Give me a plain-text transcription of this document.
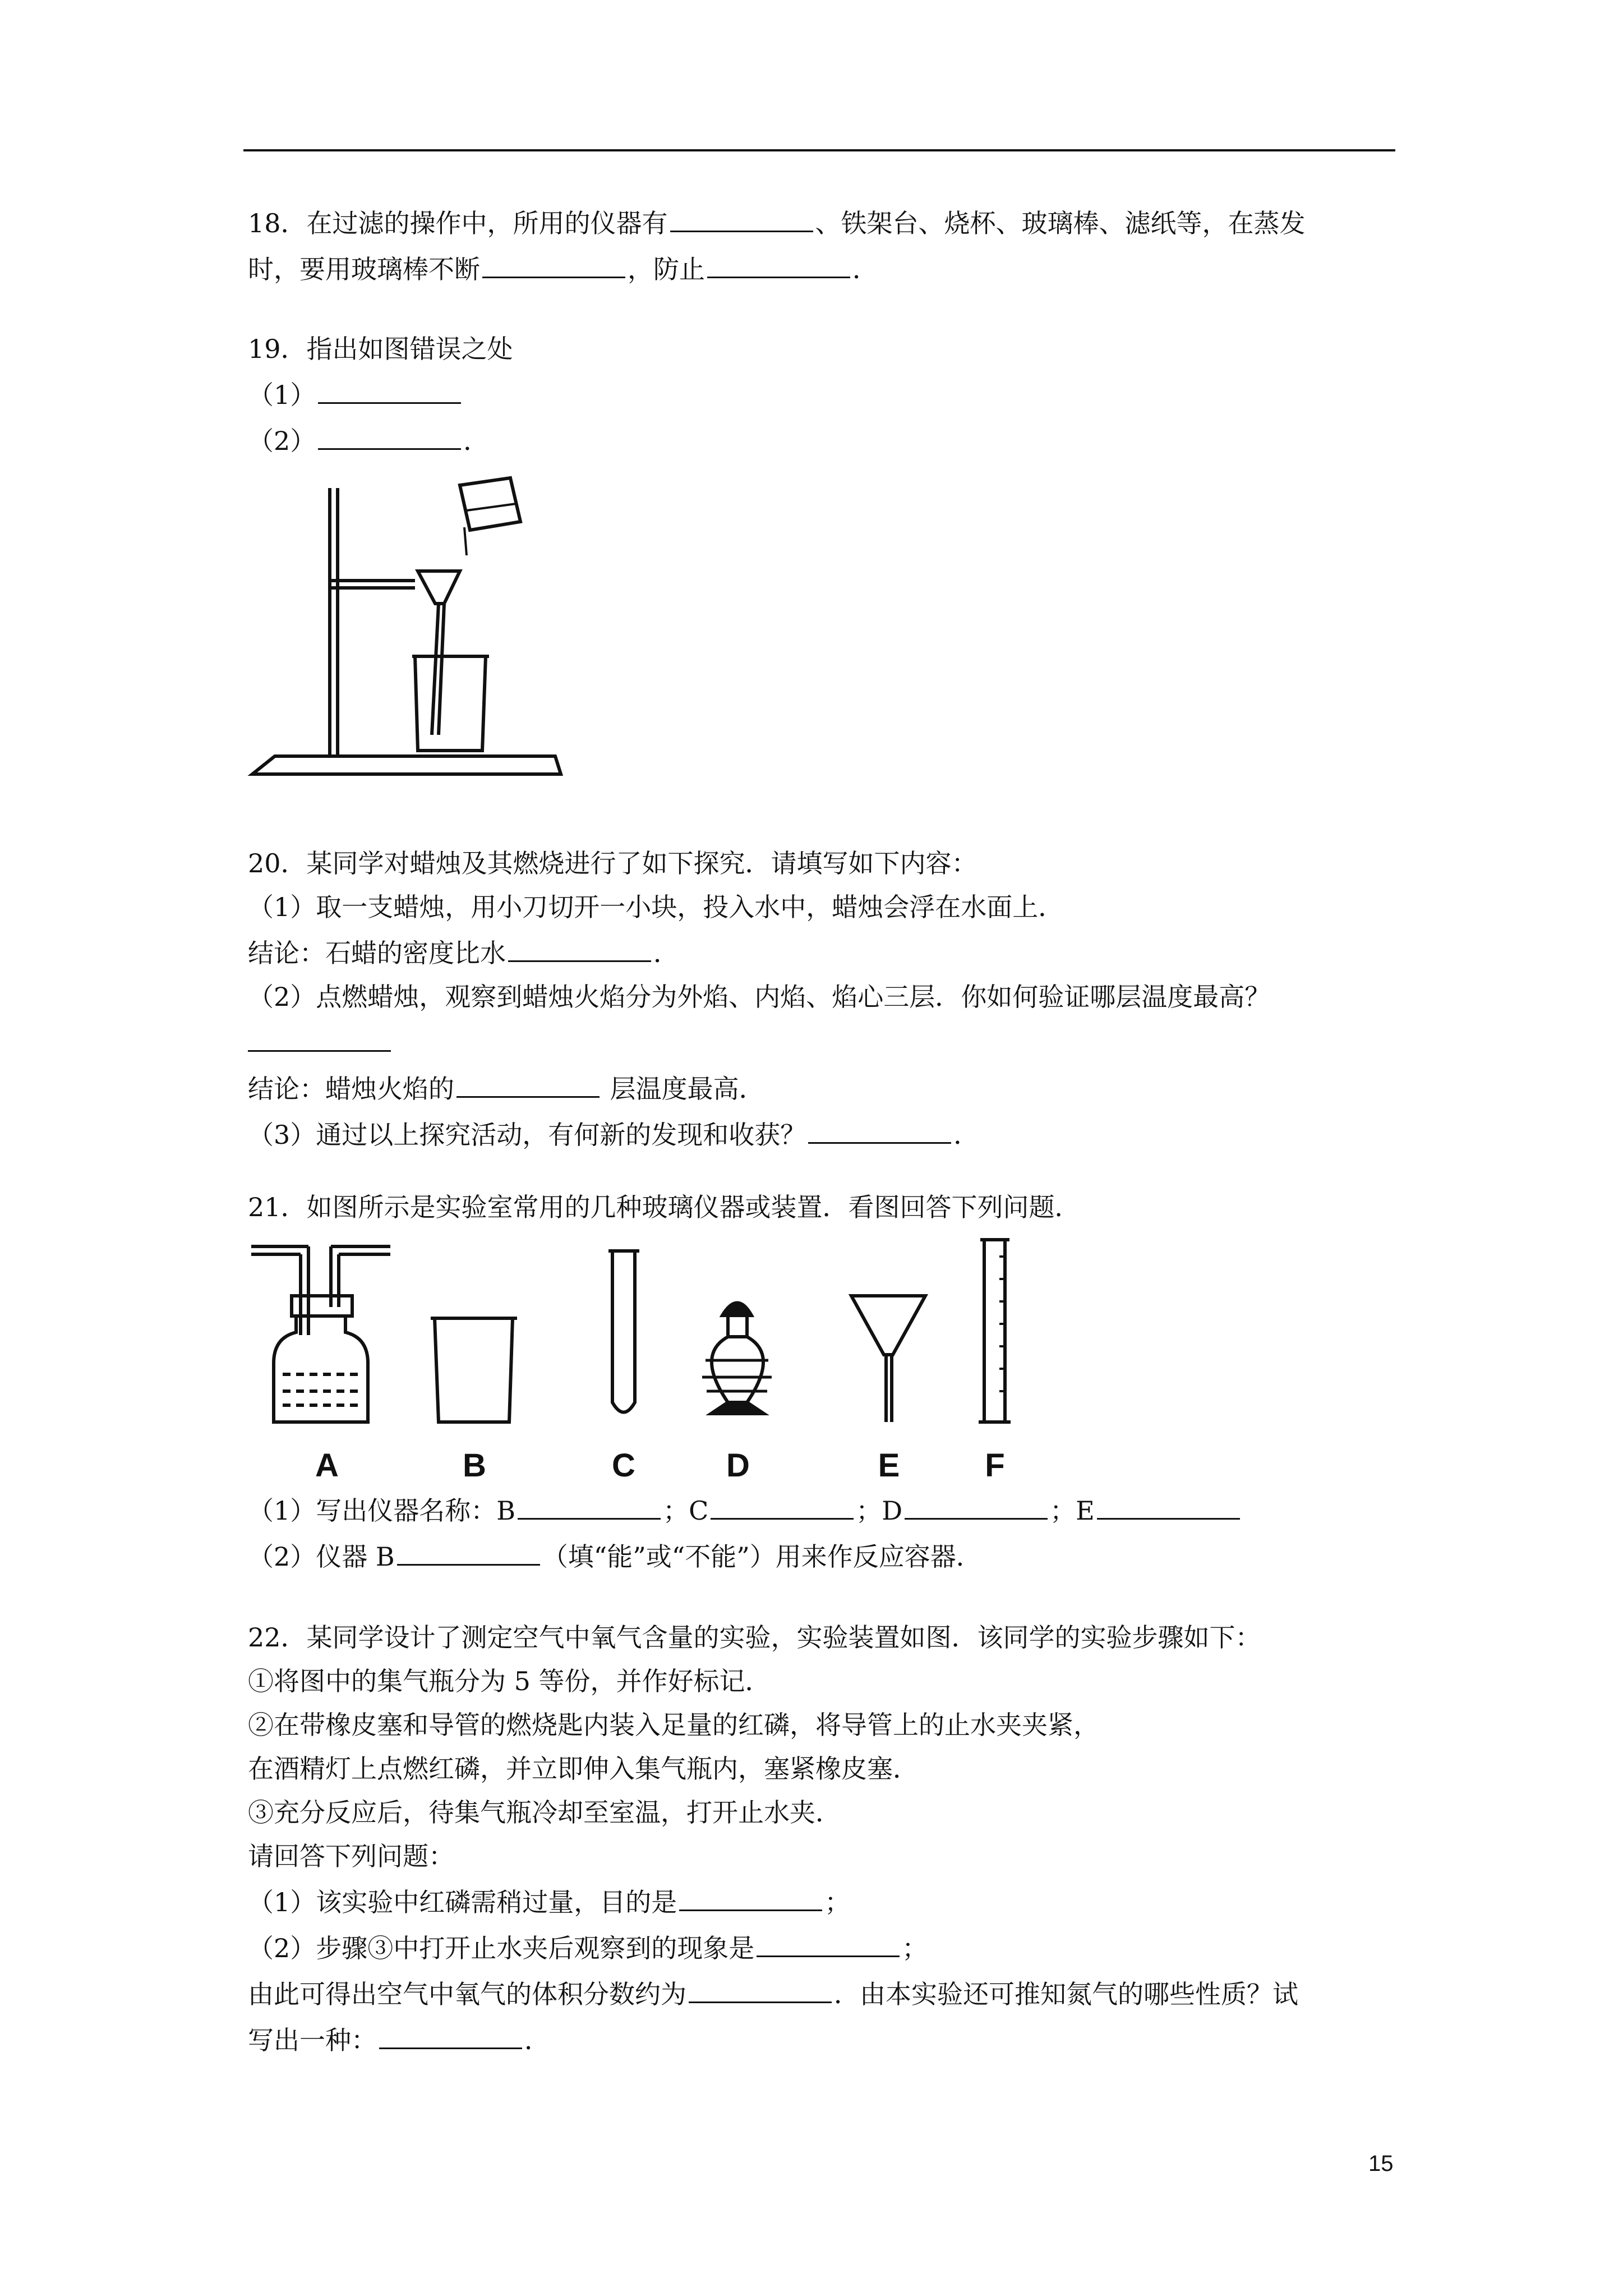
18．在过滤的操作中，所用的仪器有	、铁架台、烧杯、玻璃棒、滤纸等，在蒸发
时，要用玻璃棒不断	，防止	．
19．指出如图错误之处
（1）
（2）	．
20．某同学对蜡烛及其燃烧进行了如下探究．请填写如下内容：
（1）取一支蜡烛，用小刀切开一小块，投入水中，蜡烛会浮在水面上．
结论：石蜡的密度比水	．
（2）点燃蜡烛，观察到蜡烛火焰分为外焰、内焰、焰心三层．你如何验证哪层温度最高？
结论：蜡烛火焰的	层温度最高．
（3）通过以上探究活动，有何新的发现和收获？	．
21．如图所示是实验室常用的几种玻璃仪器或装置．看图回答下列问题．
A	B	C	D	E	F
（1）写出仪器名称：B	；C	；D	；E
（2）仪器 B	（填“能”或“不能”）用来作反应容器．
22．某同学设计了测定空气中氧气含量的实验，实验装置如图．该同学的实验步骤如下：
①将图中的集气瓶分为 5 等份，并作好标记．
②在带橡皮塞和导管的燃烧匙内装入足量的红磷，将导管上的止水夹夹紧，
在酒精灯上点燃红磷，并立即伸入集气瓶内，塞紧橡皮塞．
③充分反应后，待集气瓶冷却至室温，打开止水夹．
请回答下列问题：
（1）该实验中红磷需稍过量，目的是	；
（2）步骤③中打开止水夹后观察到的现象是	；
由此可得出空气中氧气的体积分数约为	．由本实验还可推知氮气的哪些性质？试
写出一种：	．
15
